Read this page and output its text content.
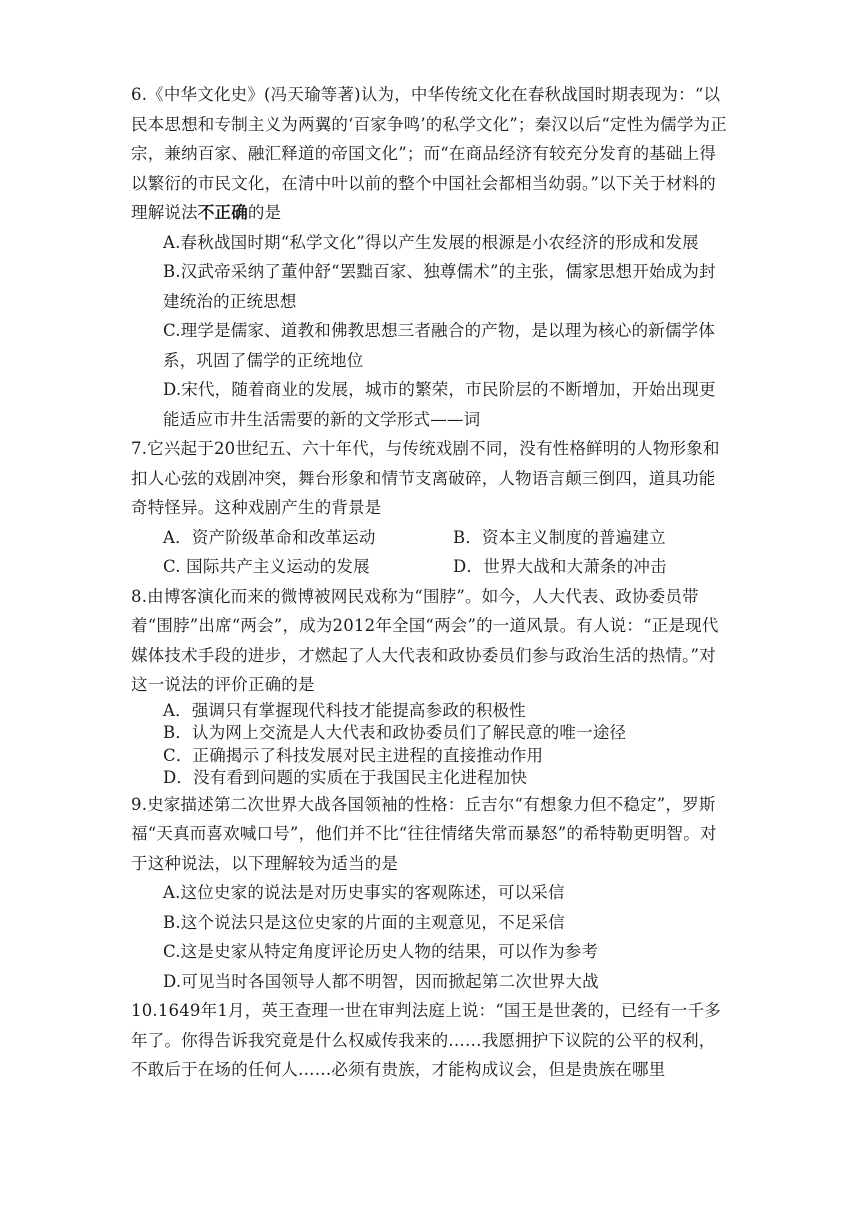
6.《中华文化史》(冯天瑜等著)认为，中华传统文化在春秋战国时期表现为：“以民本思想和专制主义为两翼的‘百家争鸣’的私学文化”；秦汉以后“定性为儒学为正宗，兼纳百家、融汇释道的帝国文化”；而“在商品经济有较充分发育的基础上得以繁衍的市民文化，在清中叶以前的整个中国社会都相当幼弱。”以下关于材料的理解说法不正确的是

A.春秋战国时期“私学文化”得以产生发展的根源是小农经济的形成和发展

B.汉武帝采纳了董仲舒“罢黜百家、独尊儒术”的主张，儒家思想开始成为封建统治的正统思想

C.理学是儒家、道教和佛教思想三者融合的产物，是以理为核心的新儒学体系，巩固了儒学的正统地位

D.宋代，随着商业的发展，城市的繁荣，市民阶层的不断增加，开始出现更能适应市井生活需要的新的文学形式——词

7.它兴起于20世纪五、六十年代，与传统戏剧不同，没有性格鲜明的人物形象和扣人心弦的戏剧冲突，舞台形象和情节支离破碎，人物语言颠三倒四，道具功能奇特怪异。这种戏剧产生的背景是

A．资产阶级革命和改革运动	B．资本主义制度的普遍建立
C. 国际共产主义运动的发展	D．世界大战和大萧条的冲击

8.由博客演化而来的微博被网民戏称为“围脖”。如今，人大代表、政协委员带着“围脖”出席“两会”，成为2012年全国“两会”的一道风景。有人说：“正是现代媒体技术手段的进步，才燃起了人大代表和政协委员们参与政治生活的热情。”对这一说法的评价正确的是

A．强调只有掌握现代科技才能提高参政的积极性

B．认为网上交流是人大代表和政协委员们了解民意的唯一途径

C．正确揭示了科技发展对民主进程的直接推动作用

D．没有看到问题的实质在于我国民主化进程加快

9.史家描述第二次世界大战各国领袖的性格：丘吉尔“有想象力但不稳定”，罗斯福“天真而喜欢喊口号”，他们并不比“往往情绪失常而暴怒”的希特勒更明智。对于这种说法，以下理解较为适当的是

A.这位史家的说法是对历史事实的客观陈述，可以采信

B.这个说法只是这位史家的片面的主观意见，不足采信

C.这是史家从特定角度评论历史人物的结果，可以作为参考

D.可见当时各国领导人都不明智，因而掀起第二次世界大战

10.1649年1月，英王查理一世在审判法庭上说：“国王是世袭的，已经有一千多年了。你得告诉我究竟是什么权威传我来的……我愿拥护下议院的公平的权利，不敢后于在场的任何人……必须有贵族，才能构成议会，但是贵族在哪里
